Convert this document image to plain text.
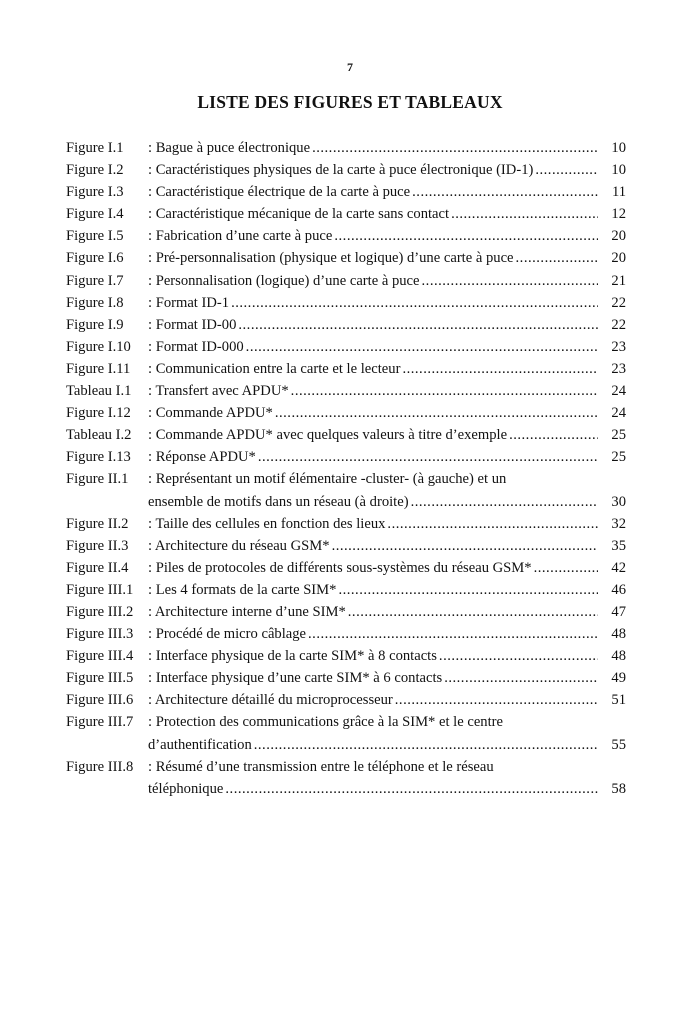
7
LISTE DES FIGURES ET TABLEAUX
Figure I.1	: Bague à puce électronique .....	10
Figure I.2	: Caractéristiques physiques de la carte à puce électronique (ID-1) .....	10
Figure I.3	: Caractéristique électrique de la carte à puce .....	11
Figure I.4	: Caractéristique mécanique de la carte sans contact .....	12
Figure I.5	: Fabrication d’une carte à puce .....	20
Figure I.6	: Pré-personnalisation (physique et logique) d’une carte à puce .....	20
Figure I.7	: Personnalisation (logique) d’une carte à puce .....	21
Figure I.8	: Format ID-1 .....	22
Figure I.9	: Format ID-00 .....	22
Figure I.10	: Format ID-000 .....	23
Figure I.11	: Communication entre la carte et le lecteur .....	23
Tableau I.1	: Transfert avec APDU* .....	24
Figure I.12	: Commande APDU* .....	24
Tableau I.2	: Commande APDU* avec quelques valeurs à titre d’exemple .....	25
Figure I.13	: Réponse APDU* .....	25
Figure II.1	: Représentant un motif élémentaire -cluster- (à gauche) et un
ensemble de motifs dans un réseau (à droite) .....	30
Figure II.2	: Taille des cellules en fonction des lieux .....	32
Figure II.3	: Architecture du réseau GSM* .....	35
Figure II.4	: Piles de protocoles de différents sous-systèmes du réseau GSM* .....	42
Figure III.1	: Les 4 formats de la carte SIM* .....	46
Figure III.2	: Architecture interne d’une SIM* .....	47
Figure III.3	: Procédé de micro câblage .....	48
Figure III.4	: Interface physique de la carte SIM* à 8 contacts .....	48
Figure III.5	: Interface physique d’une carte SIM* à 6 contacts .....	49
Figure III.6	: Architecture détaillé du microprocesseur .....	51
Figure III.7	: Protection des communications grâce à la SIM* et le centre
d’authentification .....	55
Figure III.8	: Résumé d’une transmission entre le téléphone et le réseau
téléphonique .....	58
